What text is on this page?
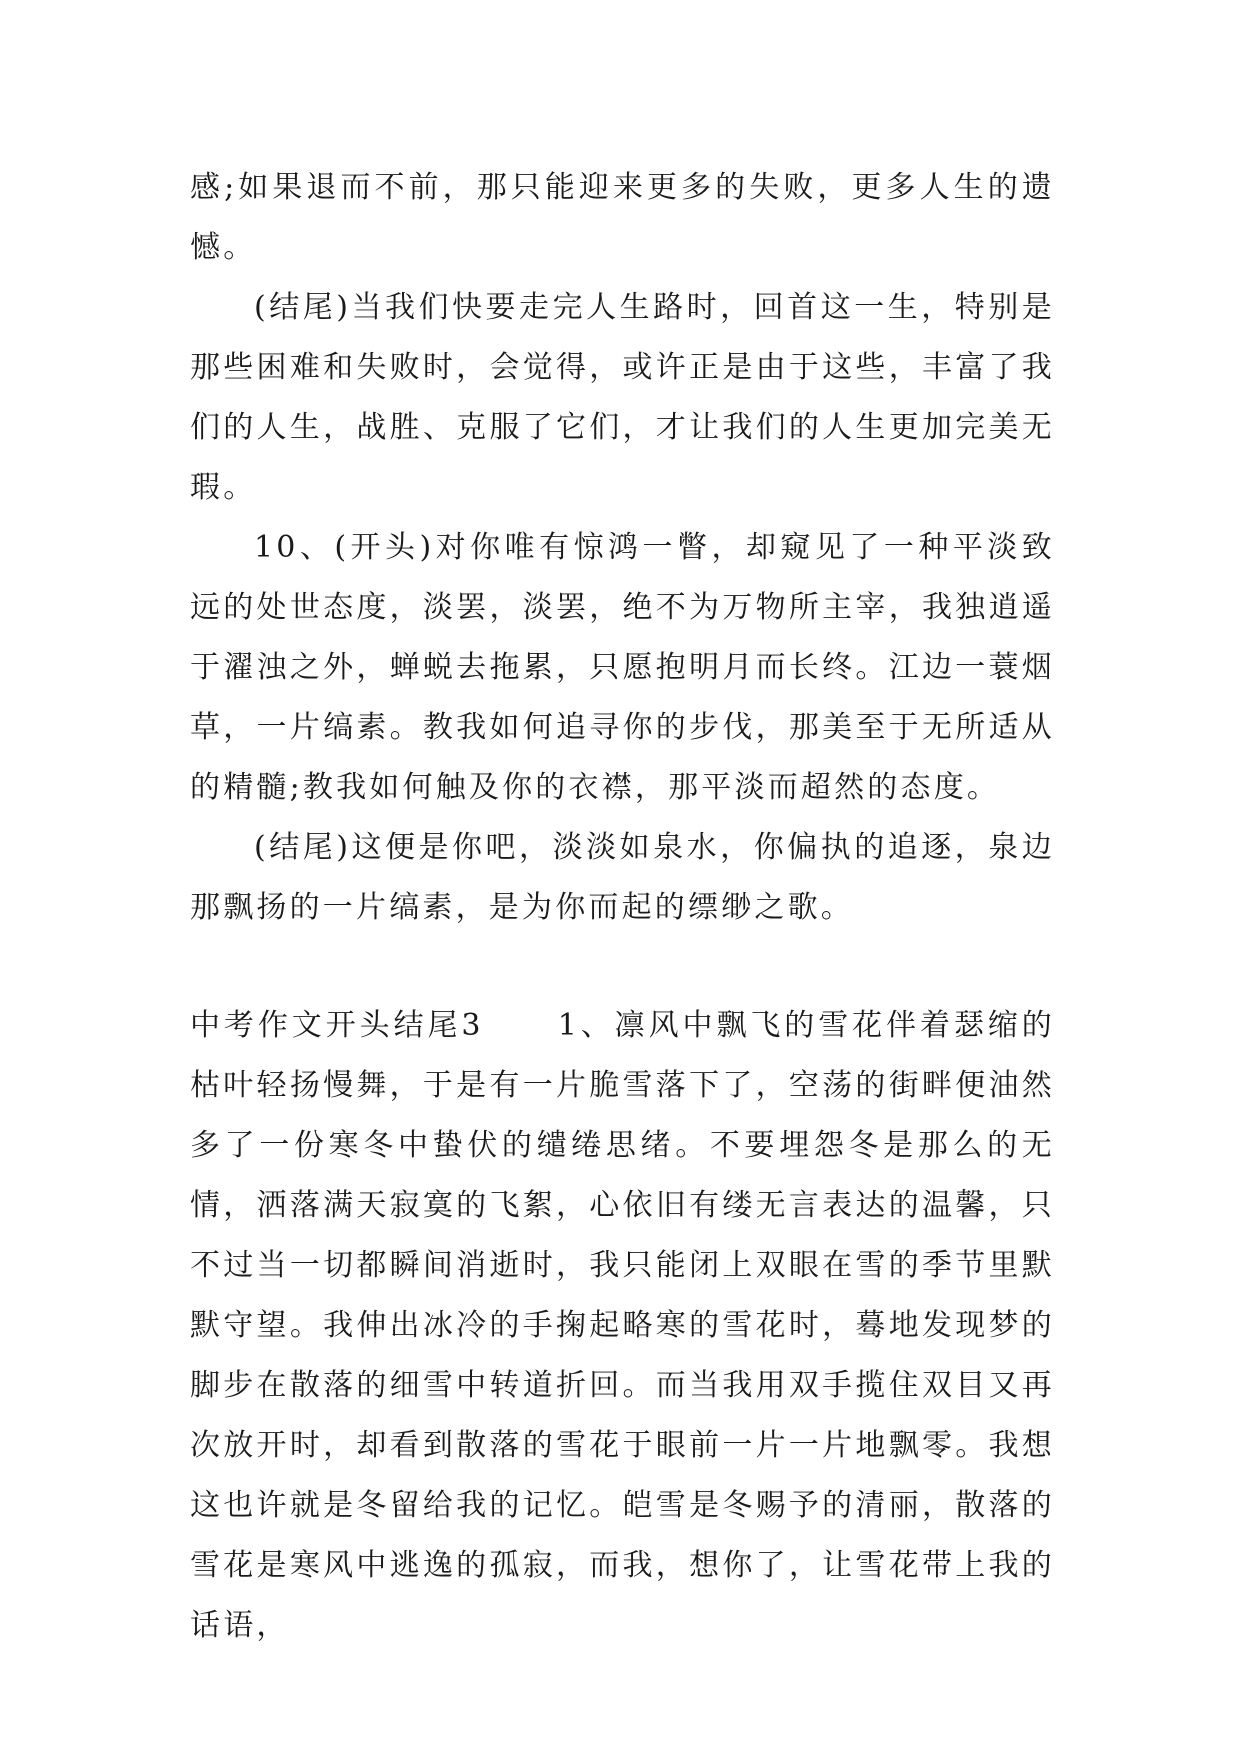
感;如果退而不前，那只能迎来更多的失败，更多人生的遗憾。

(结尾)当我们快要走完人生路时，回首这一生，特别是那些困难和失败时，会觉得，或许正是由于这些，丰富了我们的人生，战胜、克服了它们，才让我们的人生更加完美无瑕。

10、(开头)对你唯有惊鸿一瞥，却窥见了一种平淡致远的处世态度，淡罢，淡罢，绝不为万物所主宰，我独逍遥于濯浊之外，蝉蜕去拖累，只愿抱明月而长终。江边一蓑烟草，一片缟素。教我如何追寻你的步伐，那美至于无所适从的精髓;教我如何触及你的衣襟，那平淡而超然的态度。

(结尾)这便是你吧，淡淡如泉水，你偏执的追逐，泉边那飘扬的一片缟素，是为你而起的缥缈之歌。

中考作文开头结尾3 1、凛风中飘飞的雪花伴着瑟缩的枯叶轻扬慢舞，于是有一片脆雪落下了，空荡的街畔便油然多了一份寒冬中蛰伏的缱绻思绪。不要埋怨冬是那么的无情，洒落满天寂寞的飞絮，心依旧有缕无言表达的温馨，只不过当一切都瞬间消逝时，我只能闭上双眼在雪的季节里默默守望。我伸出冰冷的手掬起略寒的雪花时，蓦地发现梦的脚步在散落的细雪中转道折回。而当我用双手揽住双目又再次放开时，却看到散落的雪花于眼前一片一片地飘零。我想这也许就是冬留给我的记忆。皑雪是冬赐予的清丽，散落的雪花是寒风中逃逸的孤寂，而我，想你了，让雪花带上我的话语，
